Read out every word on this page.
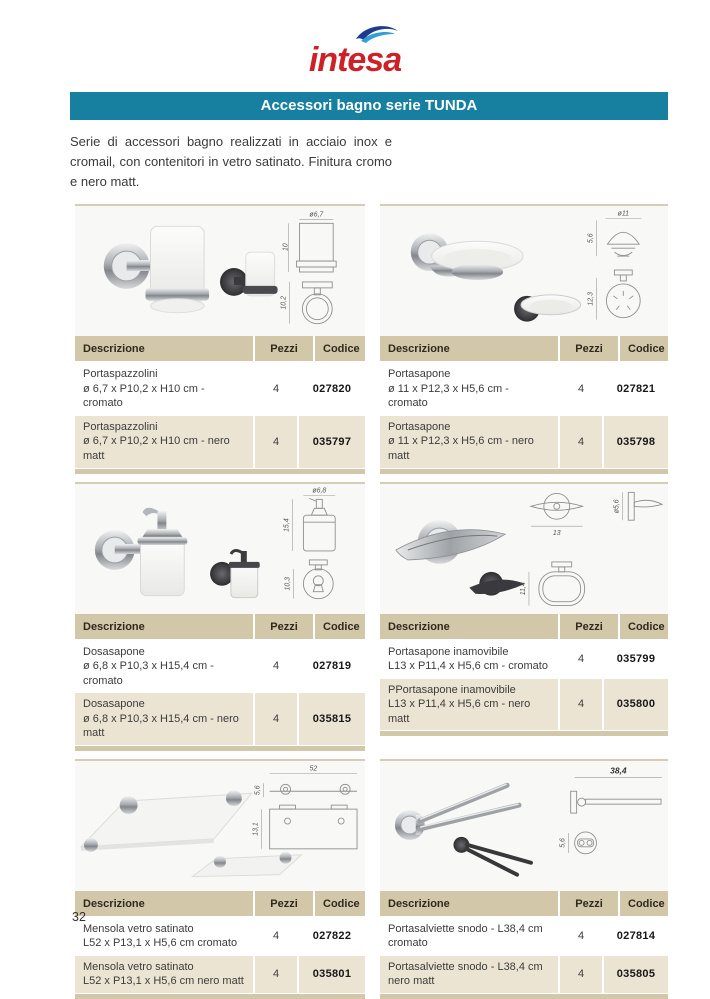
intesa
Accessori bagno serie TUNDA

Serie di accessori bagno realizzati in acciaio inox e cromail, con contenitori in vetro satinato. Finitura cromo e nero matt.

ø6,7
10
10,2
Descrizione	Pezzi	Codice
Portaspazzolini
ø 6,7 x P10,2 x H10 cm - cromato
4	027820
Portaspazzolini
ø 6,7 x P10,2 x H10 cm - nero matt
4	035797
ø11
5,6
12,3
Descrizione	Pezzi	Codice
Portasapone
ø 11 x P12,3 x H5,6 cm - cromato
4	027821
Portasapone
ø 11 x P12,3 x H5,6 cm - nero matt
4	035798
ø6,8
15,4
10,3
Descrizione	Pezzi	Codice
Dosasapone
ø 6,8 x P10,3 x H15,4 cm - cromato
4	027819
Dosasapone
ø 6,8 x P10,3 x H15,4 cm - nero matt
4	035815
13
ø5,6
11,4
Descrizione	Pezzi	Codice
Portasapone inamovibile
L13 x P11,4 x H5,6 cm - cromato
4	035799
PPortasapone inamovibile
L13 x P11,4 x H5,6 cm - nero matt
4	035800
52
5,6
13,1
Descrizione	Pezzi	Codice
Mensola vetro satinato
L52 x P13,1 x H5,6 cm cromato
4	027822
Mensola vetro satinato
L52 x P13,1 x H5,6 cm nero matt
4	035801
38,4
5,6
Descrizione	Pezzi	Codice
Portasalviette snodo - L38,4 cm
cromato
4	027814
Portasalviette snodo - L38,4 cm
nero matt
4	035805
32
